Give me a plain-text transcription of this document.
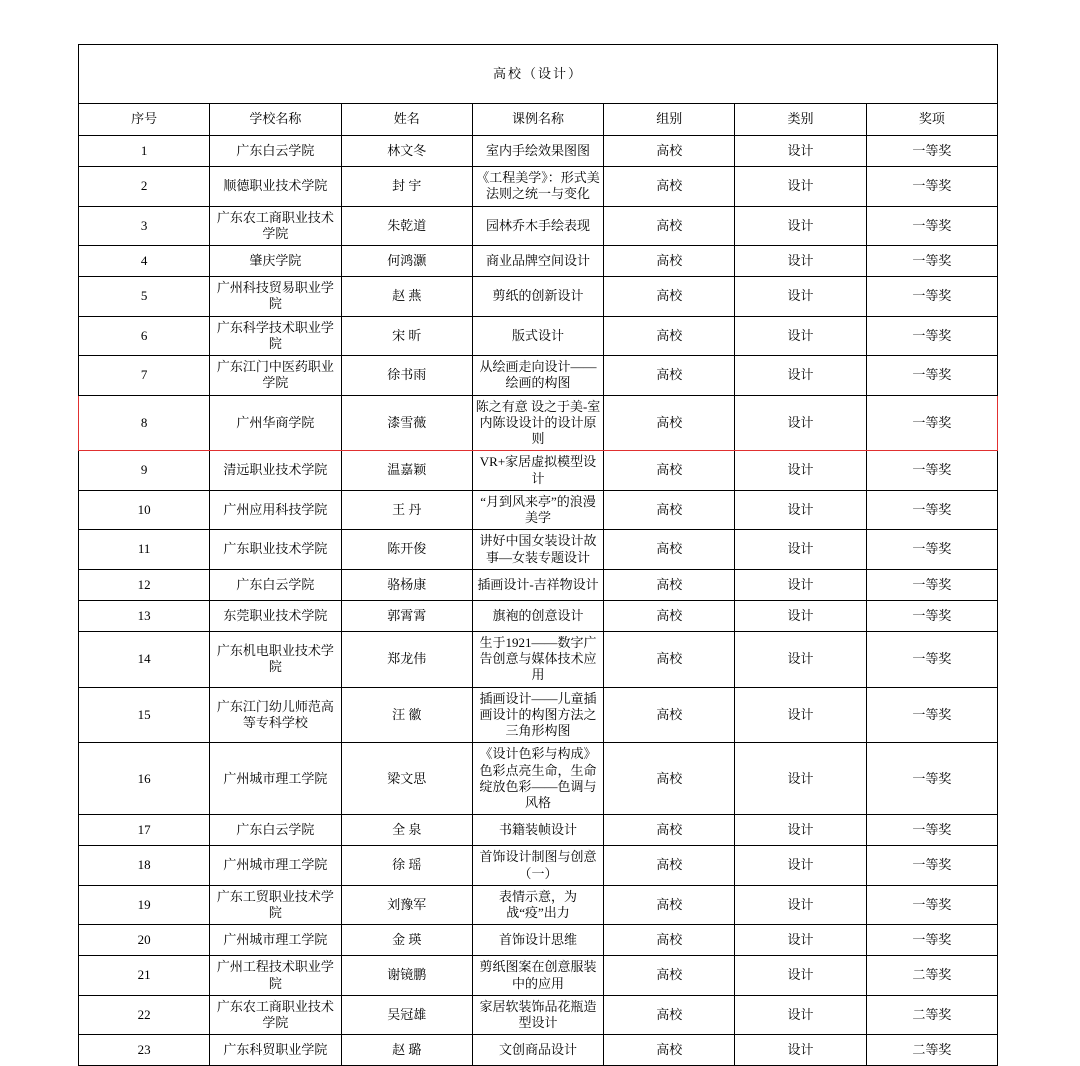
高校（设计）						
序号	学校名称	姓名	课例名称	组别	类别	奖项
1	广东白云学院	林文冬	室内手绘效果图图	高校	设计	一等奖
2	顺德职业技术学院	封 宇	《工程美学》：形式美法则之统一与变化	高校	设计	一等奖
3	广东农工商职业技术学院	朱乾道	园林乔木手绘表现	高校	设计	一等奖
4	肇庆学院	何鸿灏	商业品牌空间设计	高校	设计	一等奖
5	广州科技贸易职业学院	赵 燕	剪纸的创新设计	高校	设计	一等奖
6	广东科学技术职业学院	宋 昕	版式设计	高校	设计	一等奖
7	广东江门中医药职业学院	徐书雨	从绘画走向设计——绘画的构图	高校	设计	一等奖
8	广州华商学院	漆雪薇	陈之有意 设之于美-室内陈设设计的设计原则	高校	设计	一等奖
9	清远职业技术学院	温嘉颖	VR+家居虚拟模型设计	高校	设计	一等奖
10	广州应用科技学院	王 丹	“月到风来亭”的浪漫美学	高校	设计	一等奖
11	广东职业技术学院	陈开俊	讲好中国女装设计故事—女装专题设计	高校	设计	一等奖
12	广东白云学院	骆杨康	插画设计-吉祥物设计	高校	设计	一等奖
13	东莞职业技术学院	郭霄霄	旗袍的创意设计	高校	设计	一等奖
14	广东机电职业技术学院	郑龙伟	生于1921——数字广告创意与媒体技术应用	高校	设计	一等奖
15	广东江门幼儿师范高等专科学校	汪 徽	插画设计——儿童插画设计的构图方法之三角形构图	高校	设计	一等奖
16	广州城市理工学院	梁文思	《设计色彩与构成》色彩点亮生命，生命绽放色彩——色调与风格	高校	设计	一等奖
17	广东白云学院	全 泉	书籍装帧设计	高校	设计	一等奖
18	广州城市理工学院	徐 瑶	首饰设计制图与创意（一）	高校	设计	一等奖
19	广东工贸职业技术学院	刘豫军	表情示意，为战“疫”出力	高校	设计	一等奖
20	广州城市理工学院	金 瑛	首饰设计思维	高校	设计	一等奖
21	广州工程技术职业学院	谢镜鹏	剪纸图案在创意服装中的应用	高校	设计	二等奖
22	广东农工商职业技术学院	吴冠雄	家居软装饰品花瓶造型设计	高校	设计	二等奖
23	广东科贸职业学院	赵 璐	文创商品设计	高校	设计	二等奖
